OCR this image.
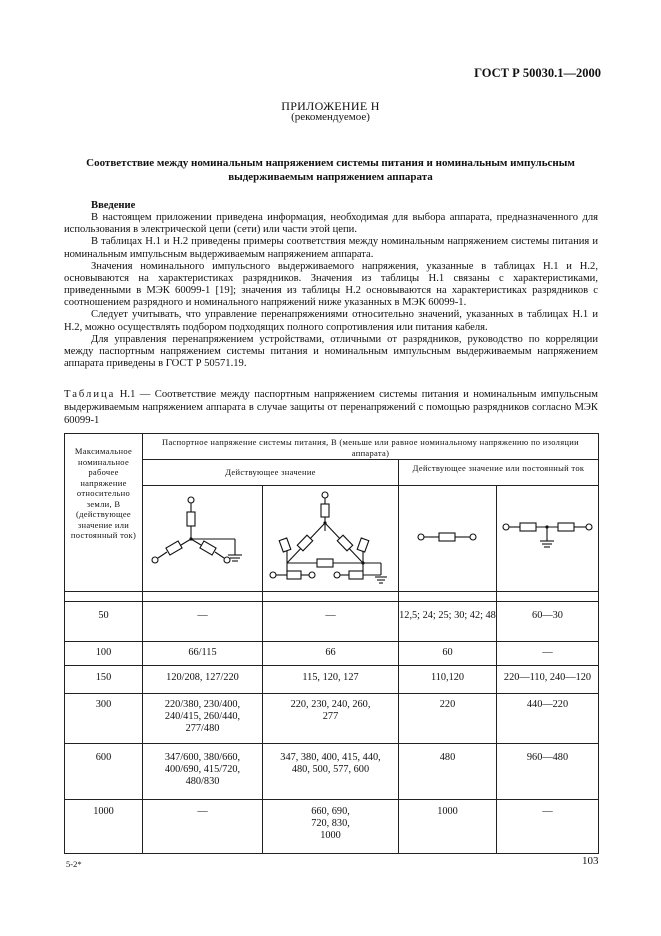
ГОСТ Р 50030.1—2000
ПРИЛОЖЕНИЕ Н
(рекомендуемое)
Соответствие между номинальным напряжением системы питания и номинальным импульсным
выдерживаемым напряжением аппарата

Введение

В настоящем приложении приведена информация, необходимая для выбора аппарата, предназначенного для использования в электрической цепи (сети) или части этой цепи.

В таблицах Н.1 и Н.2 приведены примеры соответствия между номинальным напряжением системы питания и номинальным импульсным выдерживаемым напряжением аппарата.

Значения номинального импульсного выдерживаемого напряжения, указанные в таблицах Н.1 и Н.2, основываются на характеристиках разрядников. Значения из таблицы Н.1 связаны с характеристиками, приведенными в МЭК 60099-1 [19]; значения из таблицы Н.2 основываются на характеристиках разрядников с соотношением разрядного и номинального напряжений ниже указанных в МЭК 60099-1.

Следует учитывать, что управление перенапряжениями относительно значений, указанных в таблицах Н.1 и Н.2, можно осуществлять подбором подходящих полного сопротивления или питания кабеля.

Для управления перенапряжением устройствами, отличными от разрядников, руководство по корреляции между паспортным напряжением системы питания и номинальным импульсным выдерживаемым напряжением аппарата приведены в ГОСТ Р 50571.19.

Таблица Н.1 — Соответствие между паспортным напряжением системы питания и номинальным импульсным выдерживаемым напряжением аппарата в случае защиты от перенапряжений с помощью разрядников согласно МЭК 60099-1
Максимальное номинальное рабочее напряжение относительно земли, В (действующее значение или постоянный ток)	Паспортное напряжение системы питания, В (меньше или равное номинальному напряжению по изоляции аппарата)			
	Действующее значение		Действующее значение или постоянный ток	

50	—	—	12,5; 24; 25; 30; 42; 48	60—30
100	66/115	66	60	—
150	120/208, 127/220	115, 120, 127	110,120	220—110, 240—120
300	220/380, 230/400, 240/415, 260/440, 277/480	220, 230, 240, 260, 277	220	440—220
600	347/600, 380/660, 400/690, 415/720, 480/830	347, 380, 400, 415, 440, 480, 500, 577, 600	480	960—480
1000	—	660, 690, 720, 830, 1000	1000	—
5-2*	103
